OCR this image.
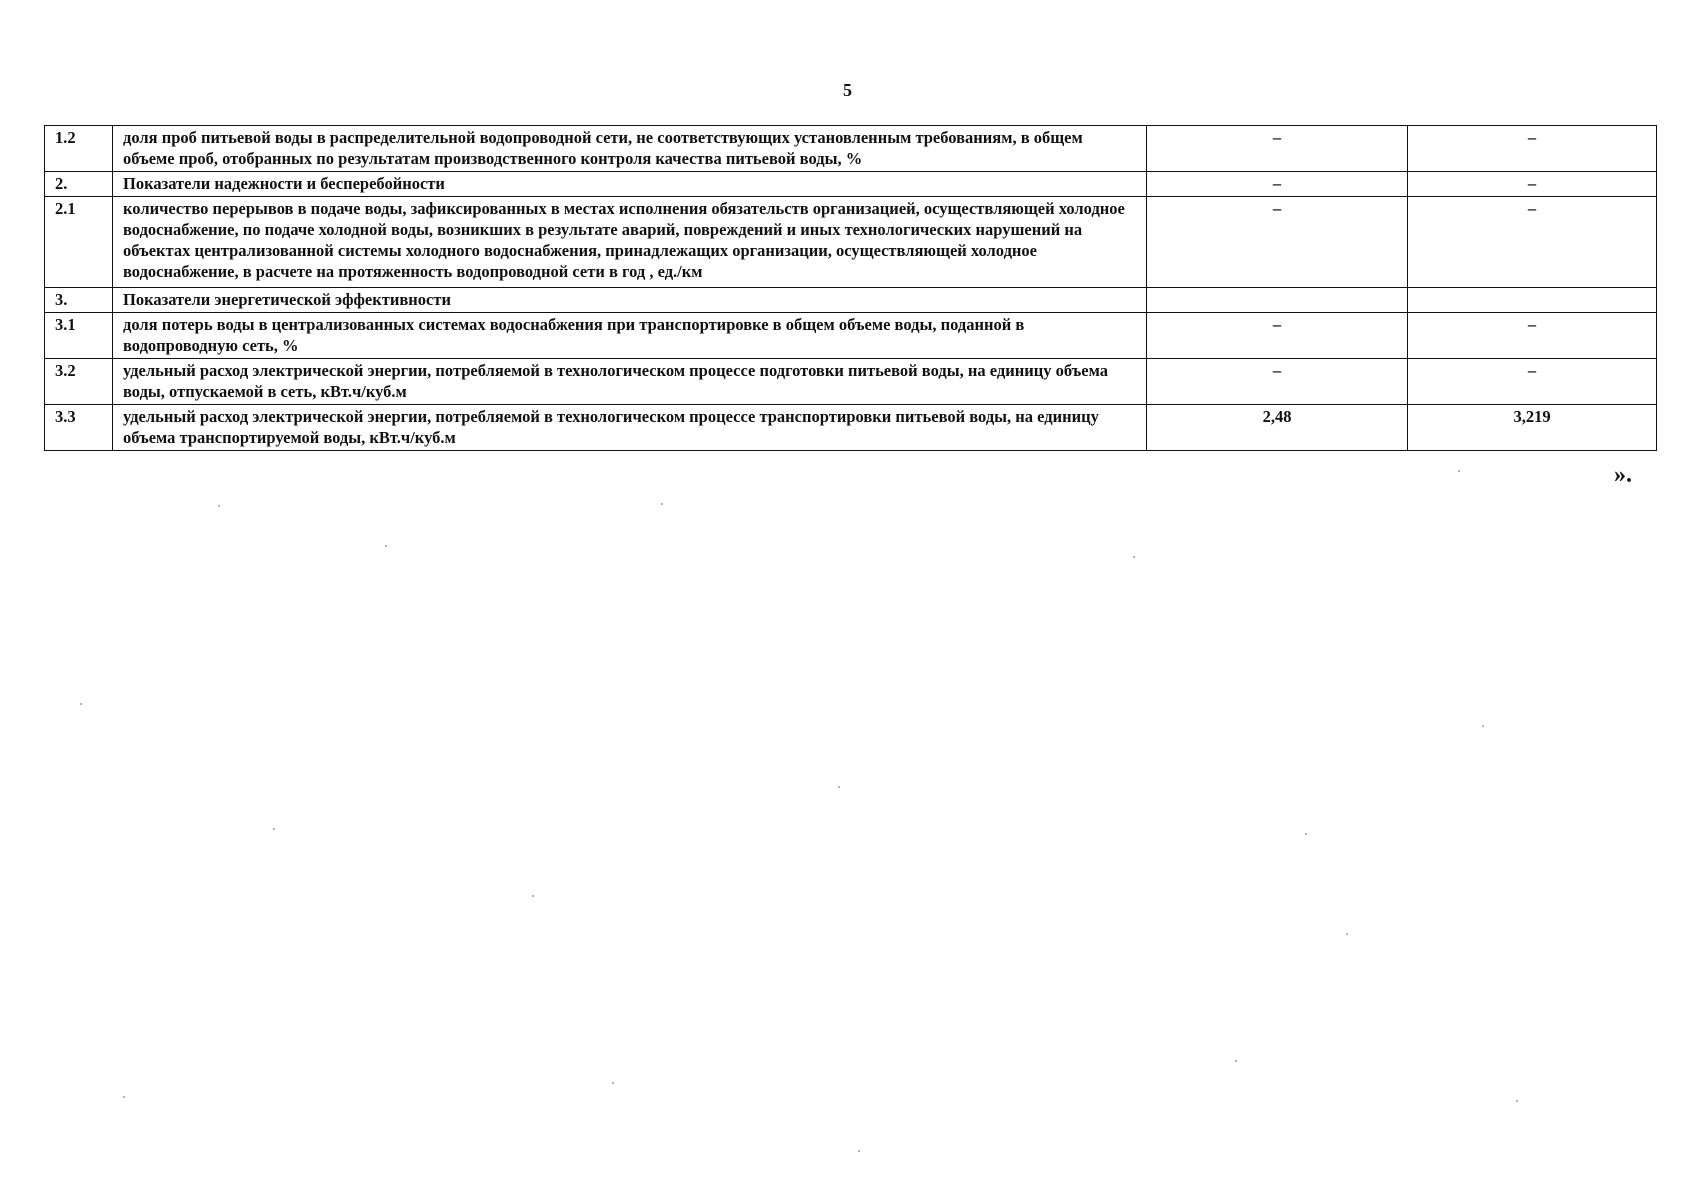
5
1.2	доля проб питьевой воды в распределительной водопроводной сети, не соответствующих установленным требованиям, в общем объеме проб, отобранных по результатам производственного контроля качества питьевой воды, %	–	–
2.	Показатели надежности и бесперебойности	–	–
2.1	количество перерывов в подаче воды, зафиксированных в местах исполнения обязательств организацией, осуществляющей холодное водоснабжение, по подаче холодной воды, возникших в результате аварий, повреждений и иных технологических нарушений на объектах централизованной системы холодного водоснабжения, принадлежащих организации, осуществляющей холодное водоснабжение, в расчете на протяженность водопроводной сети в год , ед./км	–	–
3.	Показатели энергетической эффективности		
3.1	доля потерь воды в централизованных системах водоснабжения при транспортировке в общем объеме воды, поданной в водопроводную сеть, %	–	–
3.2	удельный расход электрической энергии, потребляемой в технологическом процессе подготовки питьевой воды, на единицу объема воды, отпускаемой в сеть, кВт.ч/куб.м	–	–
3.3	удельный расход электрической энергии, потребляемой в технологическом процессе транспортировки питьевой воды, на единицу объема транспортируемой воды, кВт.ч/куб.м	2,48	3,219
».
